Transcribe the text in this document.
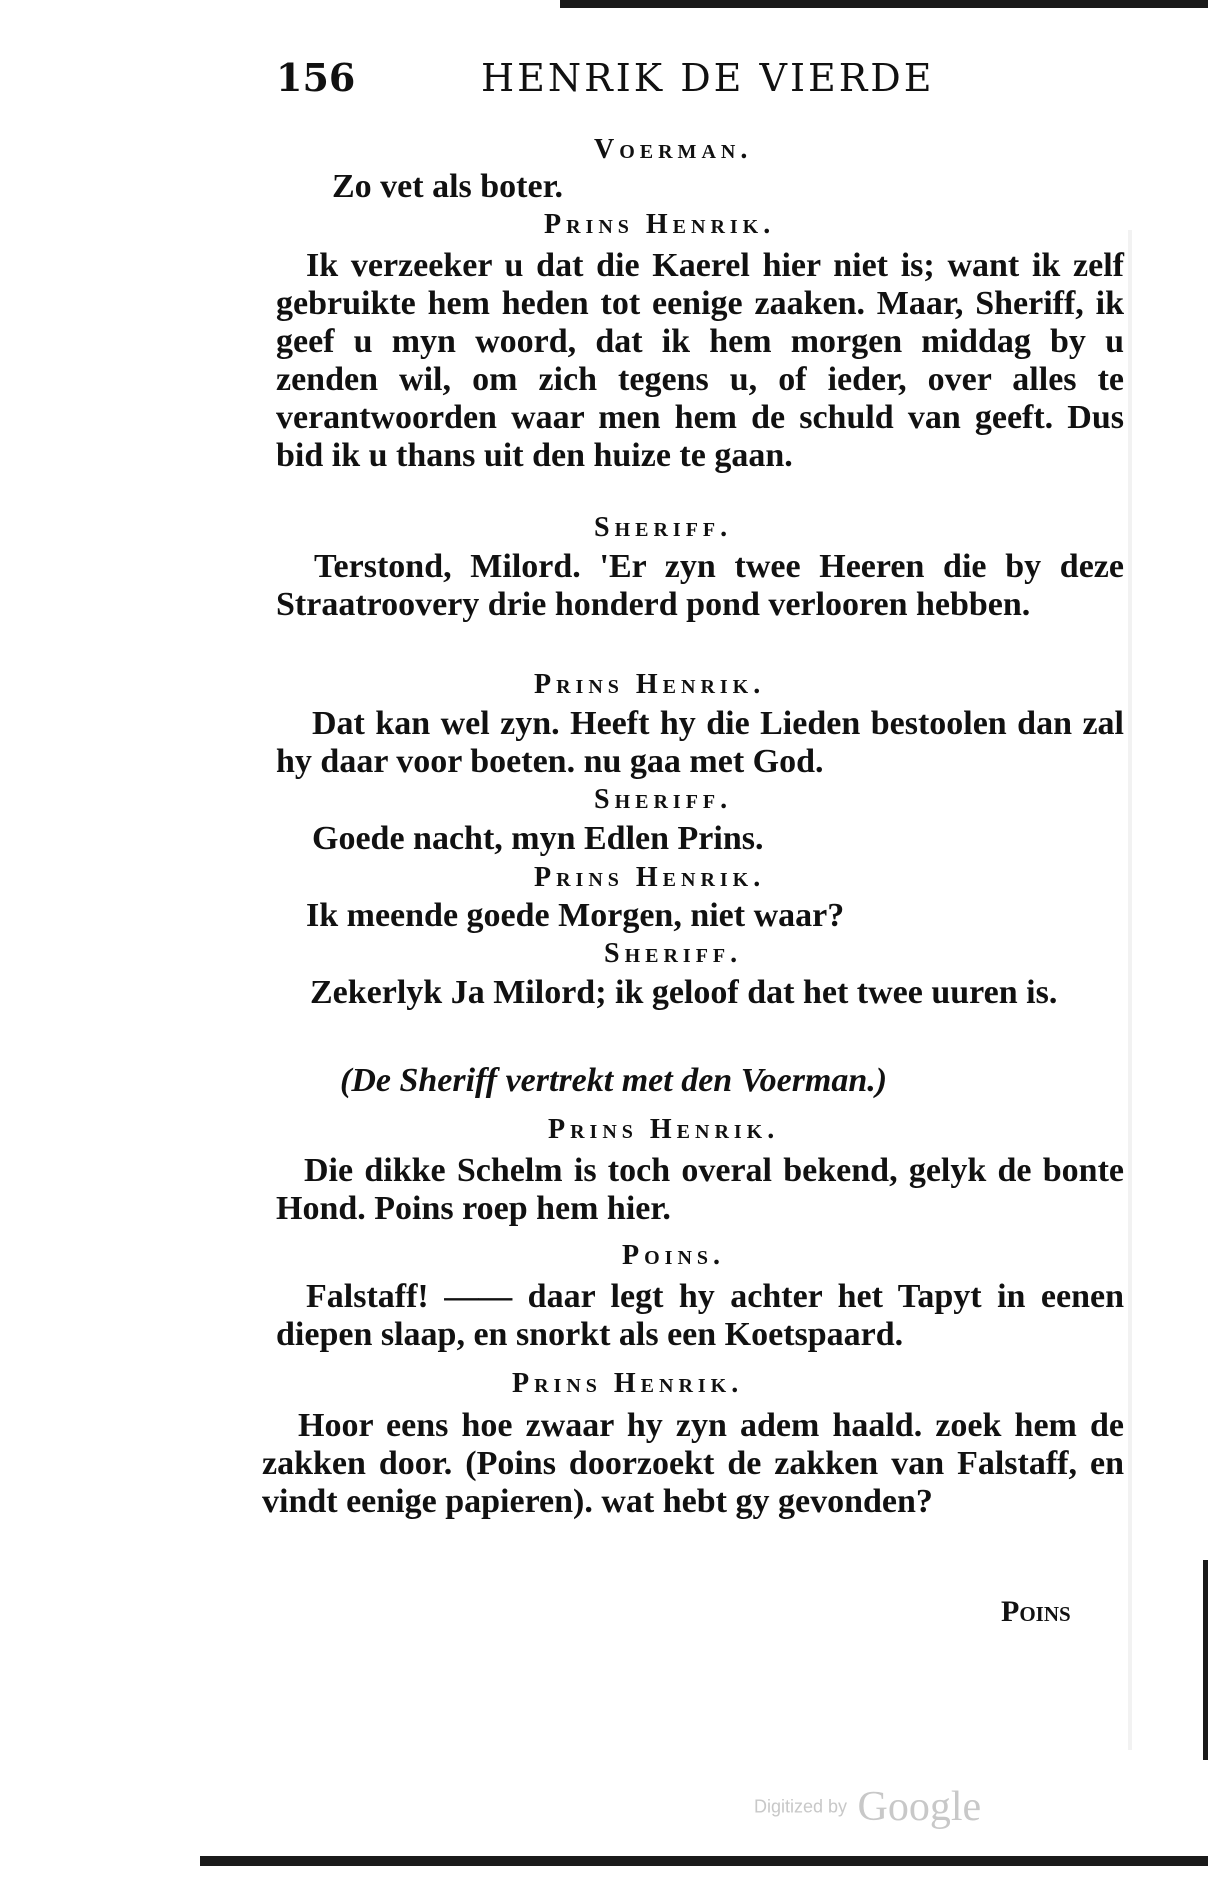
156	HENRIK DE VIERDE
Voerman.
Zo vet als boter.
Prins Henrik.
Ik verzeeker u dat die Kaerel hier niet is; want ik zelf gebruikte hem heden tot eenige zaaken. Maar, Sheriff, ik geef u myn woord, dat ik hem morgen middag by u zenden wil, om zich tegens u, of ieder, over alles te verantwoorden waar men hem de schuld van geeft. Dus bid ik u thans uit den huize te gaan.
Sheriff.
Terstond, Milord. 'Er zyn twee Heeren die by deze Straatroovery drie honderd pond verlooren hebben.
Prins Henrik.
Dat kan wel zyn. Heeft hy die Lieden bestoolen dan zal hy daar voor boeten. nu gaa met God.
Sheriff.
Goede nacht, myn Edlen Prins.
Prins Henrik.
Ik meende goede Morgen, niet waar?
Sheriff.
Zekerlyk Ja Milord; ik geloof dat het twee uuren is.
(De Sheriff vertrekt met den Voerman.)
Prins Henrik.
Die dikke Schelm is toch overal bekend, gelyk de bonte Hond. Poins roep hem hier.
Poins.
Falstaff! —— daar legt hy achter het Tapyt in eenen diepen slaap, en snorkt als een Koetspaard.
Prins Henrik.
Hoor eens hoe zwaar hy zyn adem haald. zoek hem de zakken door. (Poins doorzoekt de zakken van Falstaff, en vindt eenige papieren). wat hebt gy gevonden?
Poins
Digitized by Google
